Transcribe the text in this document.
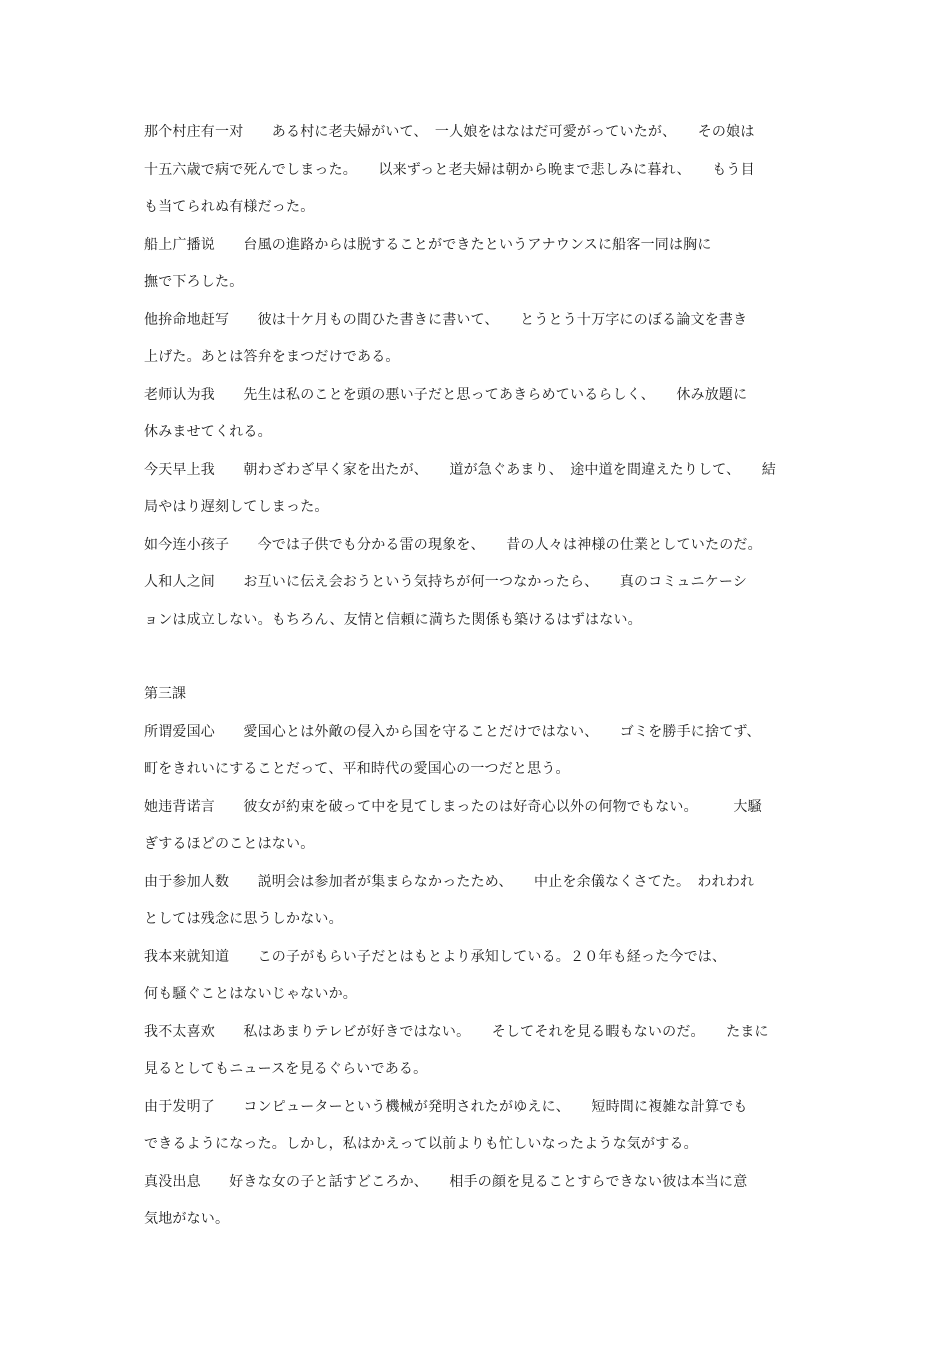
那个村庄有一对　　ある村に老夫婦がいて、　一人娘をはなはだ可愛がっていたが、　　その娘は
十五六歳で病で死んでしまった。　　以来ずっと老夫婦は朝から晩まで悲しみに暮れ、　　もう目
も当てられぬ有様だった。
船上广播说　　台風の進路からは脱することができたというアナウンスに船客一同は胸に
撫で下ろした。
他拚命地赶写　　彼は十ケ月もの間ひた書きに書いて、　　とうとう十万字にのぼる論文を書き
上げた。あとは答弁をまつだけである。
老师认为我　　先生は私のことを頭の悪い子だと思ってあきらめているらしく、　　休み放題に
休みませてくれる。
今天早上我　　朝わざわざ早く家を出たが、　　道が急ぐあまり、　途中道を間違えたりして、　　結
局やはり遅刻してしまった。
如今连小孩子　　今では子供でも分かる雷の現象を、　　昔の人々は神様の仕業としていたのだ。
人和人之间　　お互いに伝え会おうという気持ちが何一つなかったら、　　真のコミュニケーシ
ョンは成立しない。もちろん、友情と信頼に満ちた関係も築けるはずはない。
第三課
所谓爱国心　　愛国心とは外敵の侵入から国を守ることだけではない、　　ゴミを勝手に捨てず、
町をきれいにすることだって、平和時代の愛国心の一つだと思う。
她违背诺言　　彼女が約束を破って中を見てしまったのは好奇心以外の何物でもない。　　　大騒
ぎするほどのことはない。
由于参加人数　　説明会は参加者が集まらなかったため、　　中止を余儀なくさてた。　われわれ
としては残念に思うしかない。
我本来就知道　　この子がもらい子だとはもとより承知している。２０年も経った今では、
何も騒ぐことはないじゃないか。
我不太喜欢　　私はあまりテレビが好きではない。　　そしてそれを見る暇もないのだ。　　たまに
見るとしてもニュースを見るぐらいである。
由于发明了　　コンピューターという機械が発明されたがゆえに、　　短時間に複雑な計算でも
できるようになった。しかし，私はかえって以前よりも忙しいなったような気がする。
真没出息　　好きな女の子と話すどころか、　　相手の顔を見ることすらできない彼は本当に意
気地がない。
